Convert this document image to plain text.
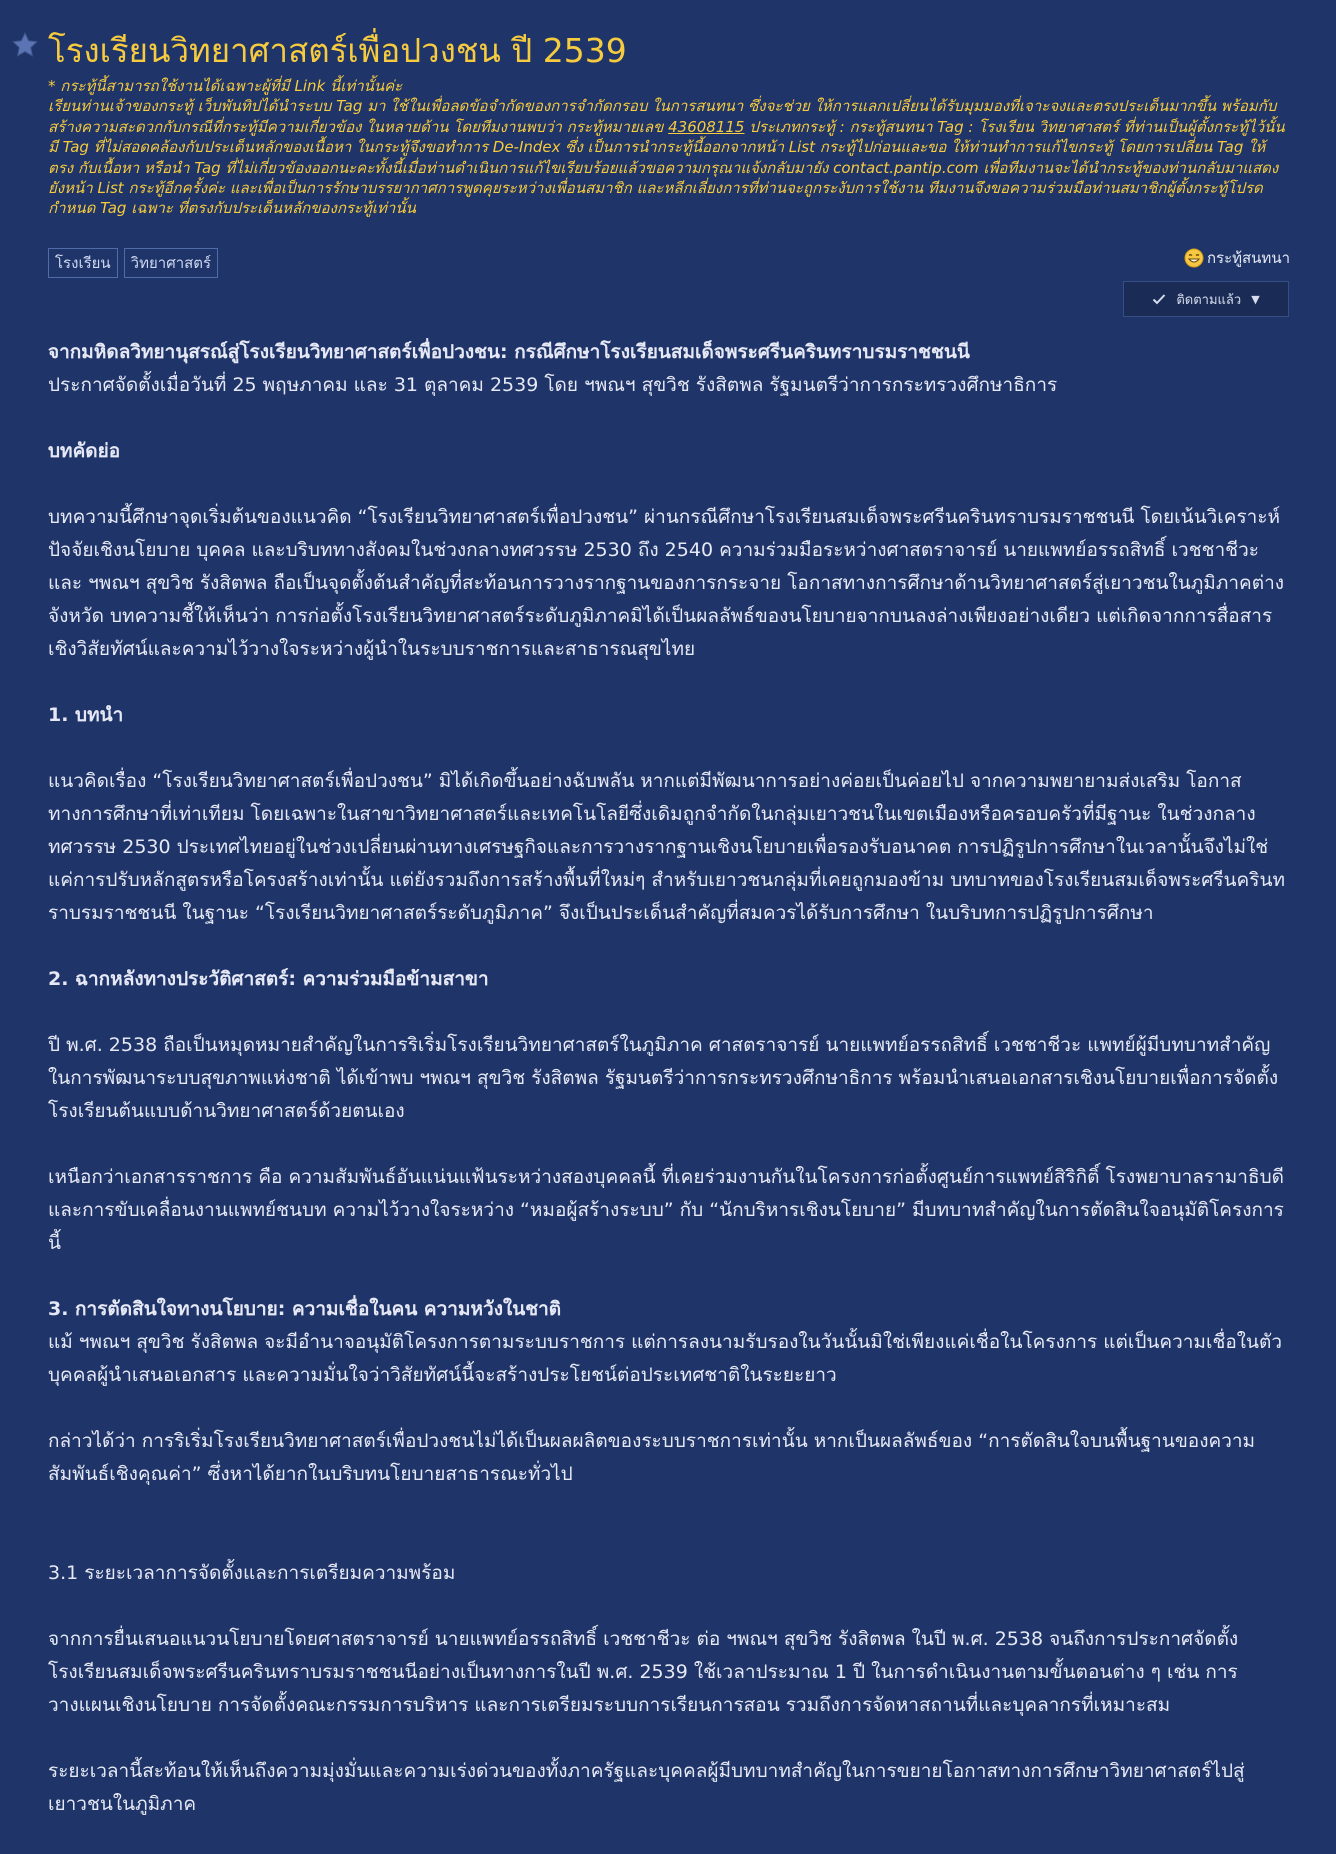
โรงเรียนวิทยาศาสตร์เพื่อปวงชน ปี 2539

* กระทู้นี้สามารถใช้งานได้เฉพาะผู้ที่มี Link นี้เท่านั้นค่ะ

เรียนท่านเจ้าของกระทู้ เว็บพันทิปได้นำระบบ Tag มา ใช้ในเพื่อลดข้อจำกัดของการจำกัดกรอบ ในการสนทนา ซึ่งจะช่วย ให้การแลกเปลี่ยนได้รับมุมมองที่เจาะจงและตรงประเด็นมากขึ้น พร้อมกับสร้างความสะดวกกับกรณีที่กระทู้มีความเกี่ยวข้อง ในหลายด้าน โดยทีมงานพบว่า กระทู้หมายเลข 43608115 ประเภทกระทู้ : กระทู้สนทนา Tag : โรงเรียน วิทยาศาสตร์ ที่ท่านเป็นผู้ตั้งกระทู้ไว้นั้นมี Tag ที่ไม่สอดคล้องกับประเด็นหลักของเนื้อหา ในกระทู้จึงขอทำการ De-Index ซึ่ง เป็นการนำกระทู้นี้ออกจากหน้า List กระทู้ไปก่อนและขอ ให้ท่านทำการแก้ไขกระทู้ โดยการเปลี่ยน Tag ให้ตรง กับเนื้อหา หรือนำ Tag ที่ไม่เกี่ยวข้องออกนะคะทั้งนี้เมื่อท่านดำเนินการแก้ไขเรียบร้อยแล้วขอความกรุณาแจ้งกลับมายัง contact.pantip.com เพื่อทีมงานจะได้นำกระทู้ของท่านกลับมาแสดงยังหน้า List กระทู้อีกครั้งค่ะ และเพื่อเป็นการรักษาบรรยากาศการพูดคุยระหว่างเพื่อนสมาชิก และหลีกเลี่ยงการที่ท่านจะถูกระงับการใช้งาน ทีมงานจึงขอความร่วมมือท่านสมาชิกผู้ตั้งกระทู้โปรดกำหนด Tag เฉพาะ ที่ตรงกับประเด็นหลักของกระทู้เท่านั้น

โรงเรียน วิทยาศาสตร์	กระทู้สนทนา
ติดตามแล้ว ▼

จากมหิดลวิทยานุสรณ์สู่โรงเรียนวิทยาศาสตร์เพื่อปวงชน: กรณีศึกษาโรงเรียนสมเด็จพระศรีนครินทราบรมราชชนนี

ประกาศจัดตั้งเมื่อวันที่ 25 พฤษภาคม และ 31 ตุลาคม 2539 โดย ฯพณฯ สุขวิช รังสิตพล รัฐมนตรีว่าการกระทรวงศึกษาธิการ

บทคัดย่อ

บทความนี้ศึกษาจุดเริ่มต้นของแนวคิด “โรงเรียนวิทยาศาสตร์เพื่อปวงชน” ผ่านกรณีศึกษาโรงเรียนสมเด็จพระศรีนครินทราบรมราชชนนี โดยเน้นวิเคราะห์ปัจจัยเชิงนโยบาย บุคคล และบริบททางสังคมในช่วงกลางทศวรรษ 2530 ถึง 2540 ความร่วมมือระหว่างศาสตราจารย์ นายแพทย์อรรถสิทธิ์ เวชชาชีวะ และ ฯพณฯ สุขวิช รังสิตพล ถือเป็นจุดตั้งต้นสำคัญที่สะท้อนการวางรากฐานของการกระจาย โอกาสทางการศึกษาด้านวิทยาศาสตร์สู่เยาวชนในภูมิภาคต่างจังหวัด บทความชี้ให้เห็นว่า การก่อตั้งโรงเรียนวิทยาศาสตร์ระดับภูมิภาคมิได้เป็นผลลัพธ์ของนโยบายจากบนลงล่างเพียงอย่างเดียว แต่เกิดจากการสื่อสารเชิงวิสัยทัศน์และความไว้วางใจระหว่างผู้นำในระบบราชการและสาธารณสุขไทย

1. บทนำ

แนวคิดเรื่อง “โรงเรียนวิทยาศาสตร์เพื่อปวงชน” มิได้เกิดขึ้นอย่างฉับพลัน หากแต่มีพัฒนาการอย่างค่อยเป็นค่อยไป จากความพยายามส่งเสริม โอกาสทางการศึกษาที่เท่าเทียม โดยเฉพาะในสาขาวิทยาศาสตร์และเทคโนโลยีซึ่งเดิมถูกจำกัดในกลุ่มเยาวชนในเขตเมืองหรือครอบครัวที่มีฐานะ ในช่วงกลางทศวรรษ 2530 ประเทศไทยอยู่ในช่วงเปลี่ยนผ่านทางเศรษฐกิจและการวางรากฐานเชิงนโยบายเพื่อรองรับอนาคต การปฏิรูปการศึกษาในเวลานั้นจึงไม่ใช่แค่การปรับหลักสูตรหรือโครงสร้างเท่านั้น แต่ยังรวมถึงการสร้างพื้นที่ใหม่ๆ สำหรับเยาวชนกลุ่มที่เคยถูกมองข้าม บทบาทของโรงเรียนสมเด็จพระศรีนครินทราบรมราชชนนี ในฐานะ “โรงเรียนวิทยาศาสตร์ระดับภูมิภาค” จึงเป็นประเด็นสำคัญที่สมควรได้รับการศึกษา ในบริบทการปฏิรูปการศึกษา

2. ฉากหลังทางประวัติศาสตร์: ความร่วมมือข้ามสาขา

ปี พ.ศ. 2538 ถือเป็นหมุดหมายสำคัญในการริเริ่มโรงเรียนวิทยาศาสตร์ในภูมิภาค ศาสตราจารย์ นายแพทย์อรรถสิทธิ์ เวชชาชีวะ แพทย์ผู้มีบทบาทสำคัญในการพัฒนาระบบสุขภาพแห่งชาติ ได้เข้าพบ ฯพณฯ สุขวิช รังสิตพล รัฐมนตรีว่าการกระทรวงศึกษาธิการ พร้อมนำเสนอเอกสารเชิงนโยบายเพื่อการจัดตั้งโรงเรียนต้นแบบด้านวิทยาศาสตร์ด้วยตนเอง

เหนือกว่าเอกสารราชการ คือ ความสัมพันธ์อันแน่นแฟ้นระหว่างสองบุคคลนี้ ที่เคยร่วมงานกันในโครงการก่อตั้งศูนย์การแพทย์สิริกิติ์ โรงพยาบาลรามาธิบดี และการขับเคลื่อนงานแพทย์ชนบท ความไว้วางใจระหว่าง “หมอผู้สร้างระบบ” กับ “นักบริหารเชิงนโยบาย” มีบทบาทสำคัญในการตัดสินใจอนุมัติโครงการนี้

3. การตัดสินใจทางนโยบาย: ความเชื่อในคน ความหวังในชาติ

แม้ ฯพณฯ สุขวิช รังสิตพล จะมีอำนาจอนุมัติโครงการตามระบบราชการ แต่การลงนามรับรองในวันนั้นมิใช่เพียงแค่เชื่อในโครงการ แต่เป็นความเชื่อในตัวบุคคลผู้นำเสนอเอกสาร และความมั่นใจว่าวิสัยทัศน์นี้จะสร้างประโยชน์ต่อประเทศชาติในระยะยาว

กล่าวได้ว่า การริเริ่มโรงเรียนวิทยาศาสตร์เพื่อปวงชนไม่ได้เป็นผลผลิตของระบบราชการเท่านั้น หากเป็นผลลัพธ์ของ “การตัดสินใจบนพื้นฐานของความสัมพันธ์เชิงคุณค่า” ซึ่งหาได้ยากในบริบทนโยบายสาธารณะทั่วไป

3.1 ระยะเวลาการจัดตั้งและการเตรียมความพร้อม

จากการยื่นเสนอแนวนโยบายโดยศาสตราจารย์ นายแพทย์อรรถสิทธิ์ เวชชาชีวะ ต่อ ฯพณฯ สุขวิช รังสิตพล ในปี พ.ศ. 2538 จนถึงการประกาศจัดตั้งโรงเรียนสมเด็จพระศรีนครินทราบรมราชชนนีอย่างเป็นทางการในปี พ.ศ. 2539 ใช้เวลาประมาณ 1 ปี ในการดำเนินงานตามขั้นตอนต่าง ๆ เช่น การวางแผนเชิงนโยบาย การจัดตั้งคณะกรรมการบริหาร และการเตรียมระบบการเรียนการสอน รวมถึงการจัดหาสถานที่และบุคลากรที่เหมาะสม

ระยะเวลานี้สะท้อนให้เห็นถึงความมุ่งมั่นและความเร่งด่วนของทั้งภาครัฐและบุคคลผู้มีบทบาทสำคัญในการขยายโอกาสทางการศึกษาวิทยาศาสตร์ไปสู่เยาวชนในภูมิภาค
